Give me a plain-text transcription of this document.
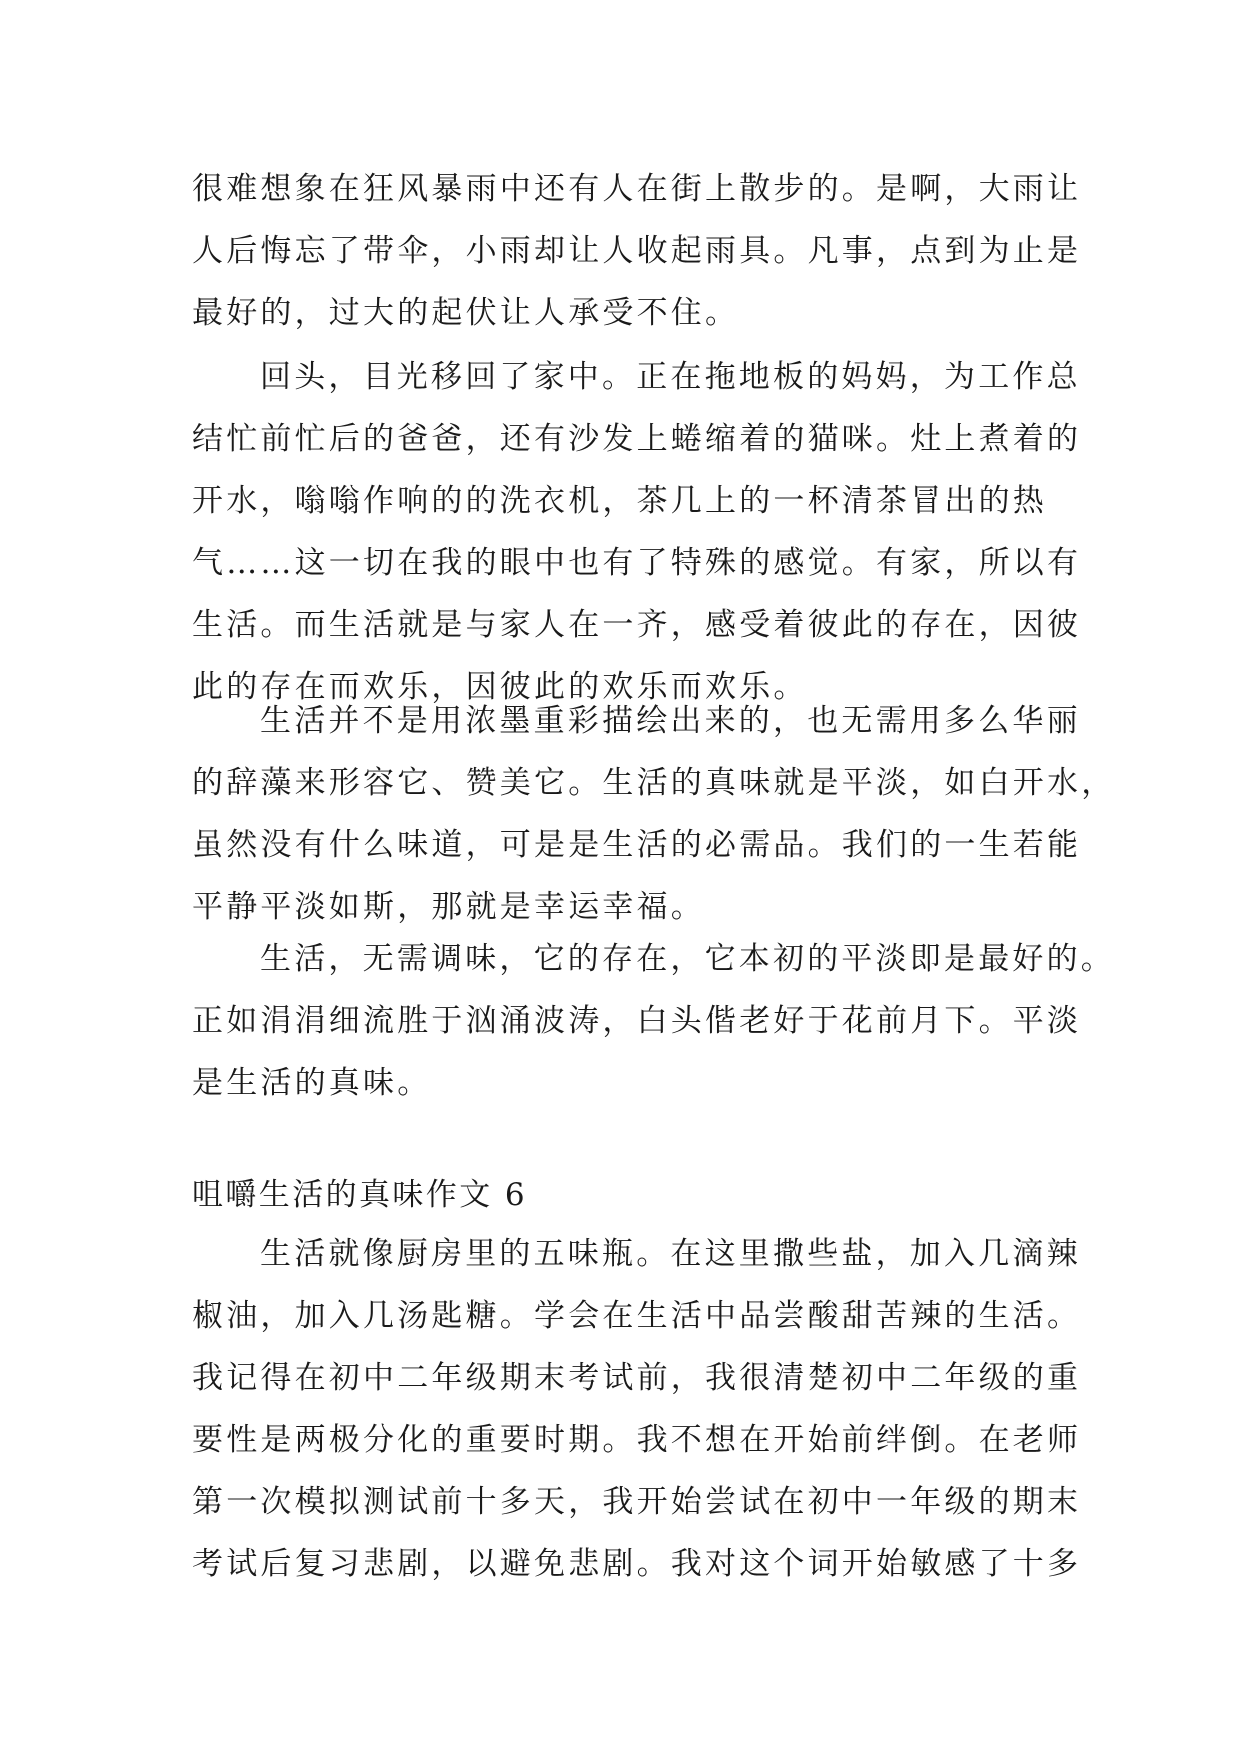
很难想象在狂风暴雨中还有人在街上散步的。是啊，大雨让
人后悔忘了带伞，小雨却让人收起雨具。凡事，点到为止是
最好的，过大的起伏让人承受不住。
回头，目光移回了家中。正在拖地板的妈妈，为工作总
结忙前忙后的爸爸，还有沙发上蜷缩着的猫咪。灶上煮着的
开水，嗡嗡作响的的洗衣机，茶几上的一杯清茶冒出的热
气……这一切在我的眼中也有了特殊的感觉。有家，所以有
生活。而生活就是与家人在一齐，感受着彼此的存在，因彼
此的存在而欢乐，因彼此的欢乐而欢乐。
生活并不是用浓墨重彩描绘出来的，也无需用多么华丽
的辞藻来形容它、赞美它。生活的真味就是平淡，如白开水，
虽然没有什么味道，可是是生活的必需品。我们的一生若能
平静平淡如斯，那就是幸运幸福。
生活，无需调味，它的存在，它本初的平淡即是最好的。
正如涓涓细流胜于汹涌波涛，白头偕老好于花前月下。平淡
是生活的真味。
咀嚼生活的真味作文 6
生活就像厨房里的五味瓶。在这里撒些盐，加入几滴辣
椒油，加入几汤匙糖。学会在生活中品尝酸甜苦辣的生活。
我记得在初中二年级期末考试前，我很清楚初中二年级的重
要性是两极分化的重要时期。我不想在开始前绊倒。在老师
第一次模拟测试前十多天，我开始尝试在初中一年级的期末
考试后复习悲剧，以避免悲剧。我对这个词开始敏感了十多
